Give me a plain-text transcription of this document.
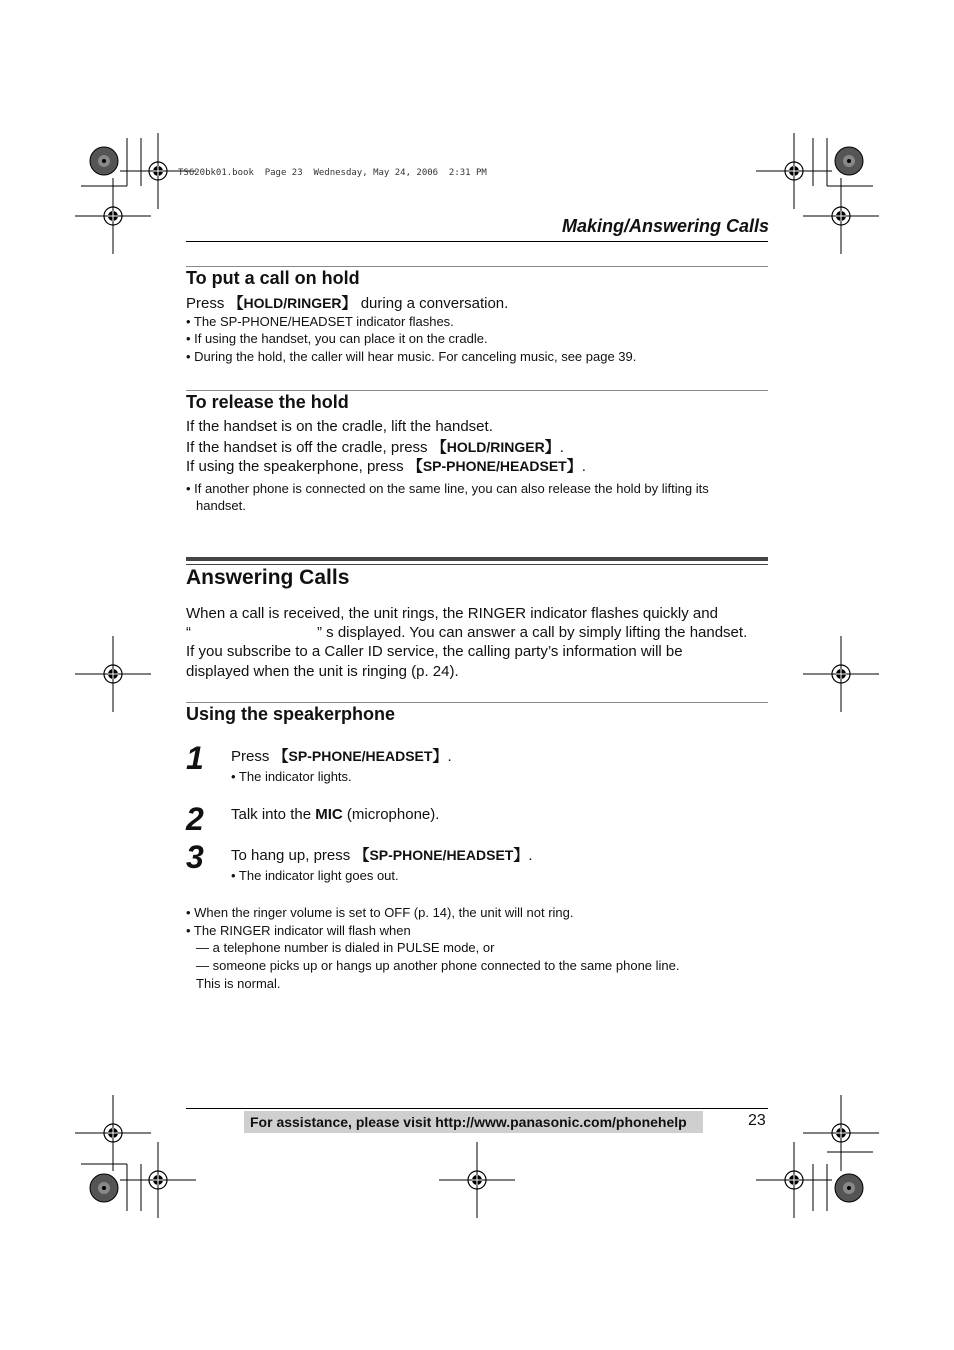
TS620bk01.book  Page 23  Wednesday, May 24, 2006  2:31 PM
Making/Answering Calls
To put a call on hold
Press 【HOLD/RINGER】 during a conversation.
• The SP-PHONE/HEADSET indicator flashes.
• If using the handset, you can place it on the cradle.
• During the hold, the caller will hear music. For canceling music, see page 39.
To release the hold
If the handset is on the cradle, lift the handset.
If the handset is off the cradle, press 【HOLD/RINGER】.
If using the speakerphone, press 【SP-PHONE/HEADSET】.
• If another phone is connected on the same line, you can also release the hold by lifting its
handset.
Answering Calls
When a call is received, the unit rings, the RINGER indicator flashes quickly and
“	” s displayed. You can answer a call by simply lifting the handset.
If you subscribe to a Caller ID service, the calling party’s information will be
displayed when the unit is ringing (p. 24).
Using the speakerphone
1 Press 【SP-PHONE/HEADSET】.
• The indicator lights.
2 Talk into the MIC (microphone).
3 To hang up, press 【SP-PHONE/HEADSET】.
• The indicator light goes out.
• When the ringer volume is set to OFF (p. 14), the unit will not ring.
• The RINGER indicator will flash when
— a telephone number is dialed in PULSE mode, or
— someone picks up or hangs up another phone connected to the same phone line.
This is normal.
For assistance, please visit http://www.panasonic.com/phonehelp	23
